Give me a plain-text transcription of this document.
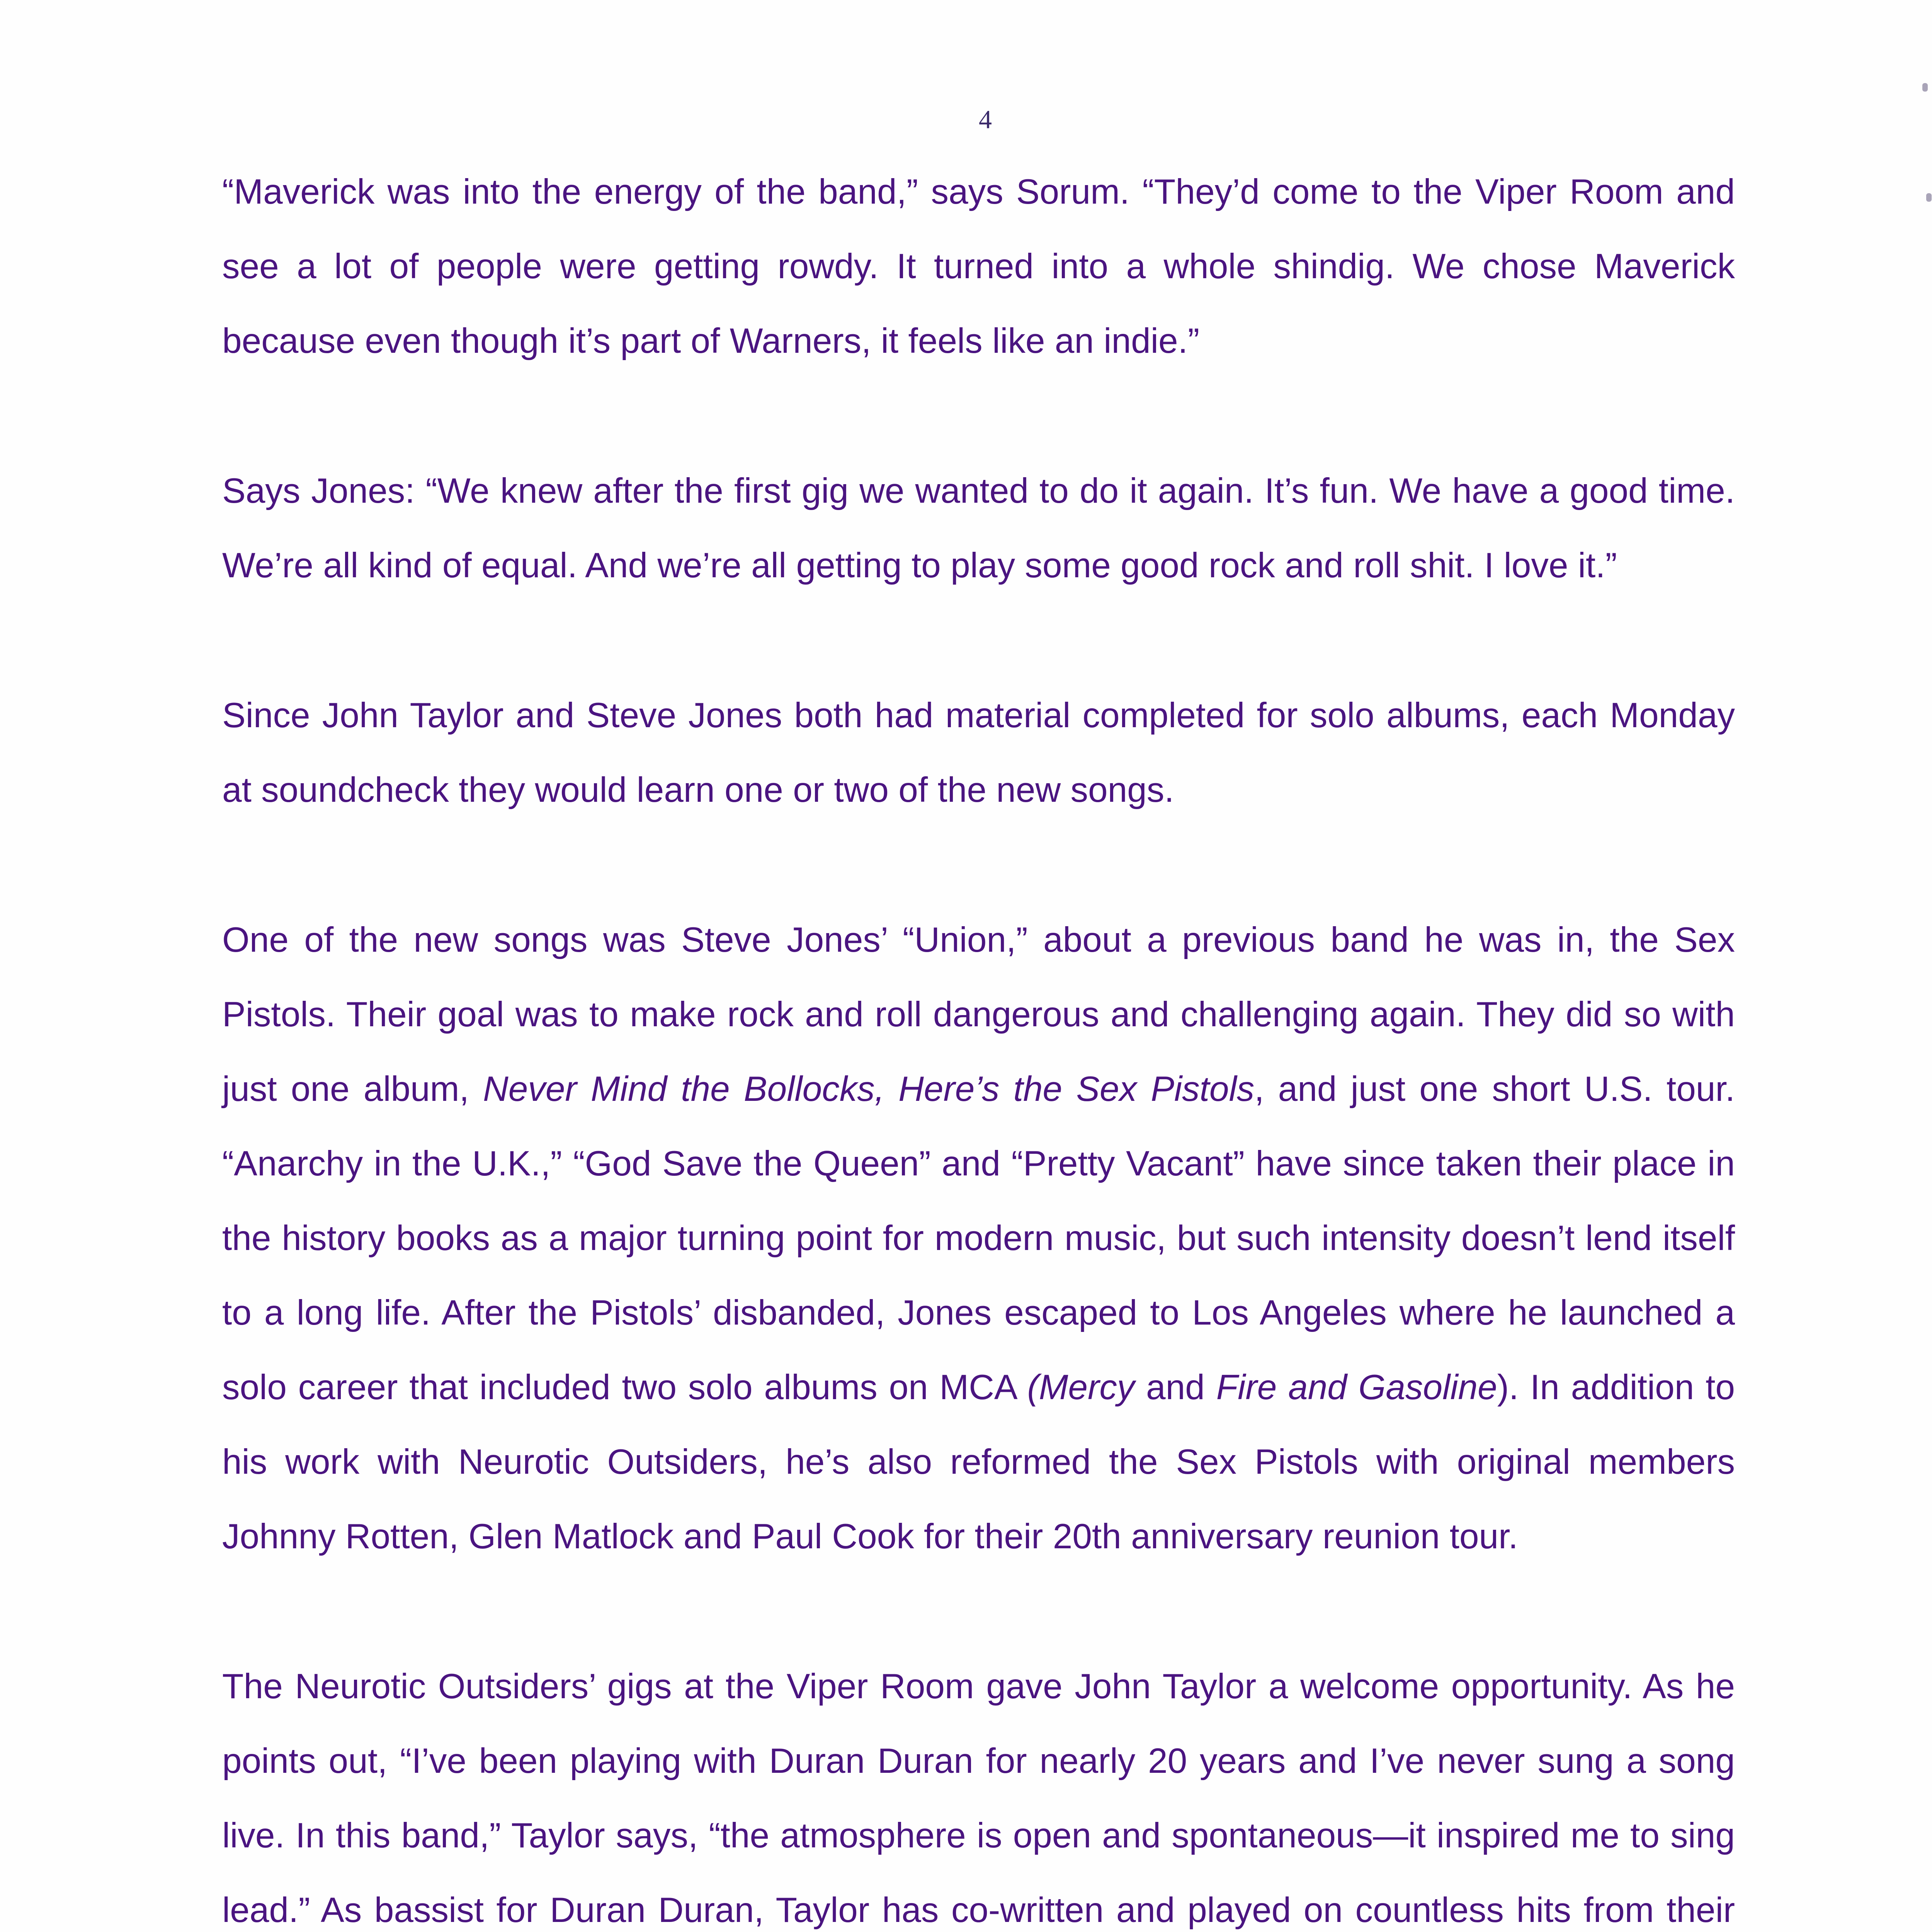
4

“Maverick was into the energy of the band,” says Sorum. “They’d come to the Viper Room and see a lot of people were getting rowdy. It turned into a whole shindig. We chose Maverick because even though it’s part of Warners, it feels like an indie.”

Says Jones: “We knew after the first gig we wanted to do it again. It’s fun. We have a good time. We’re all kind of equal. And we’re all getting to play some good rock and roll shit. I love it.”

Since John Taylor and Steve Jones both had material completed for solo albums, each Monday at soundcheck they would learn one or two of the new songs.

One of the new songs was Steve Jones’ “Union,” about a previous band he was in, the Sex Pistols. Their goal was to make rock and roll dangerous and challenging again. They did so with just one album, Never Mind the Bollocks, Here’s the Sex Pistols, and just one short U.S. tour. “Anarchy in the U.K.,” “God Save the Queen” and “Pretty Vacant” have since taken their place in the history books as a major turning point for modern music, but such intensity doesn’t lend itself to a long life. After the Pistols’ disbanded, Jones escaped to Los Angeles where he launched a solo career that included two solo albums on MCA (Mercy and Fire and Gasoline). In addition to his work with Neurotic Outsiders, he’s also reformed the Sex Pistols with original members Johnny Rotten, Glen Matlock and Paul Cook for their 20th anniversary reunion tour.

The Neurotic Outsiders’ gigs at the Viper Room gave John Taylor a welcome opportunity. As he points out, “I’ve been playing with Duran Duran for nearly 20 years and I’ve never sung a song live. In this band,” Taylor says, “the atmosphere is open and spontaneous—it inspired me to sing lead.” As bassist for Duran Duran, Taylor has co-written and played on countless hits from their
